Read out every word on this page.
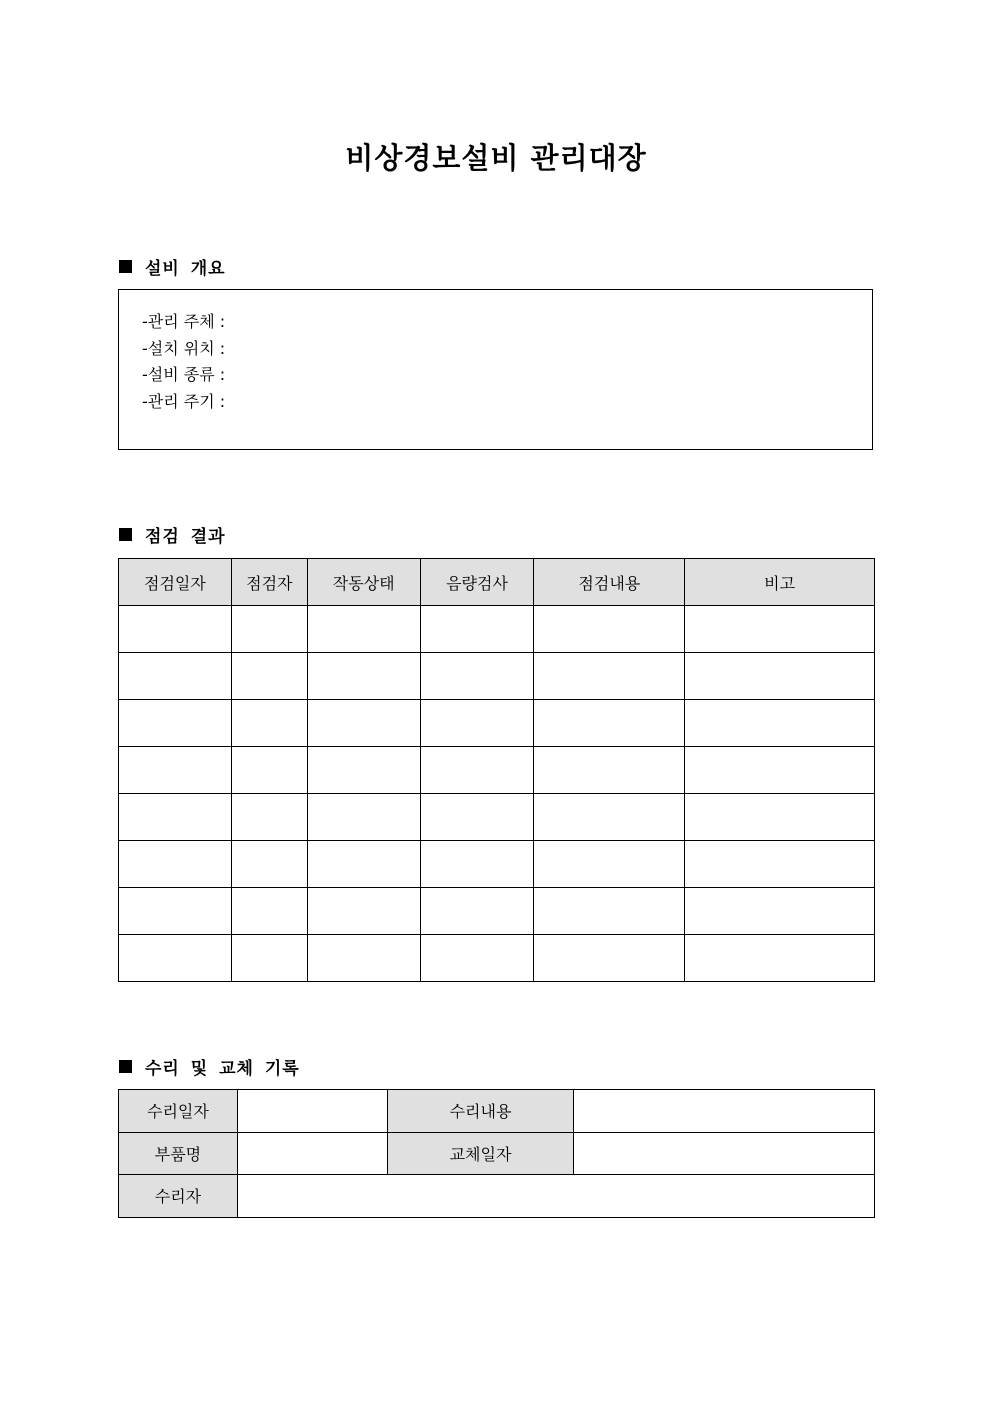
비상경보설비 관리대장
설비 개요
-관리 주체 :
-설치 위치 :
-설비 종류 :
-관리 주기 :
점검 결과
점검일자	점검자	작동상태	음량검사	점검내용	비고

수리 및 교체 기록
수리일자		수리내용	
부품명		교체일자	
수리자			
